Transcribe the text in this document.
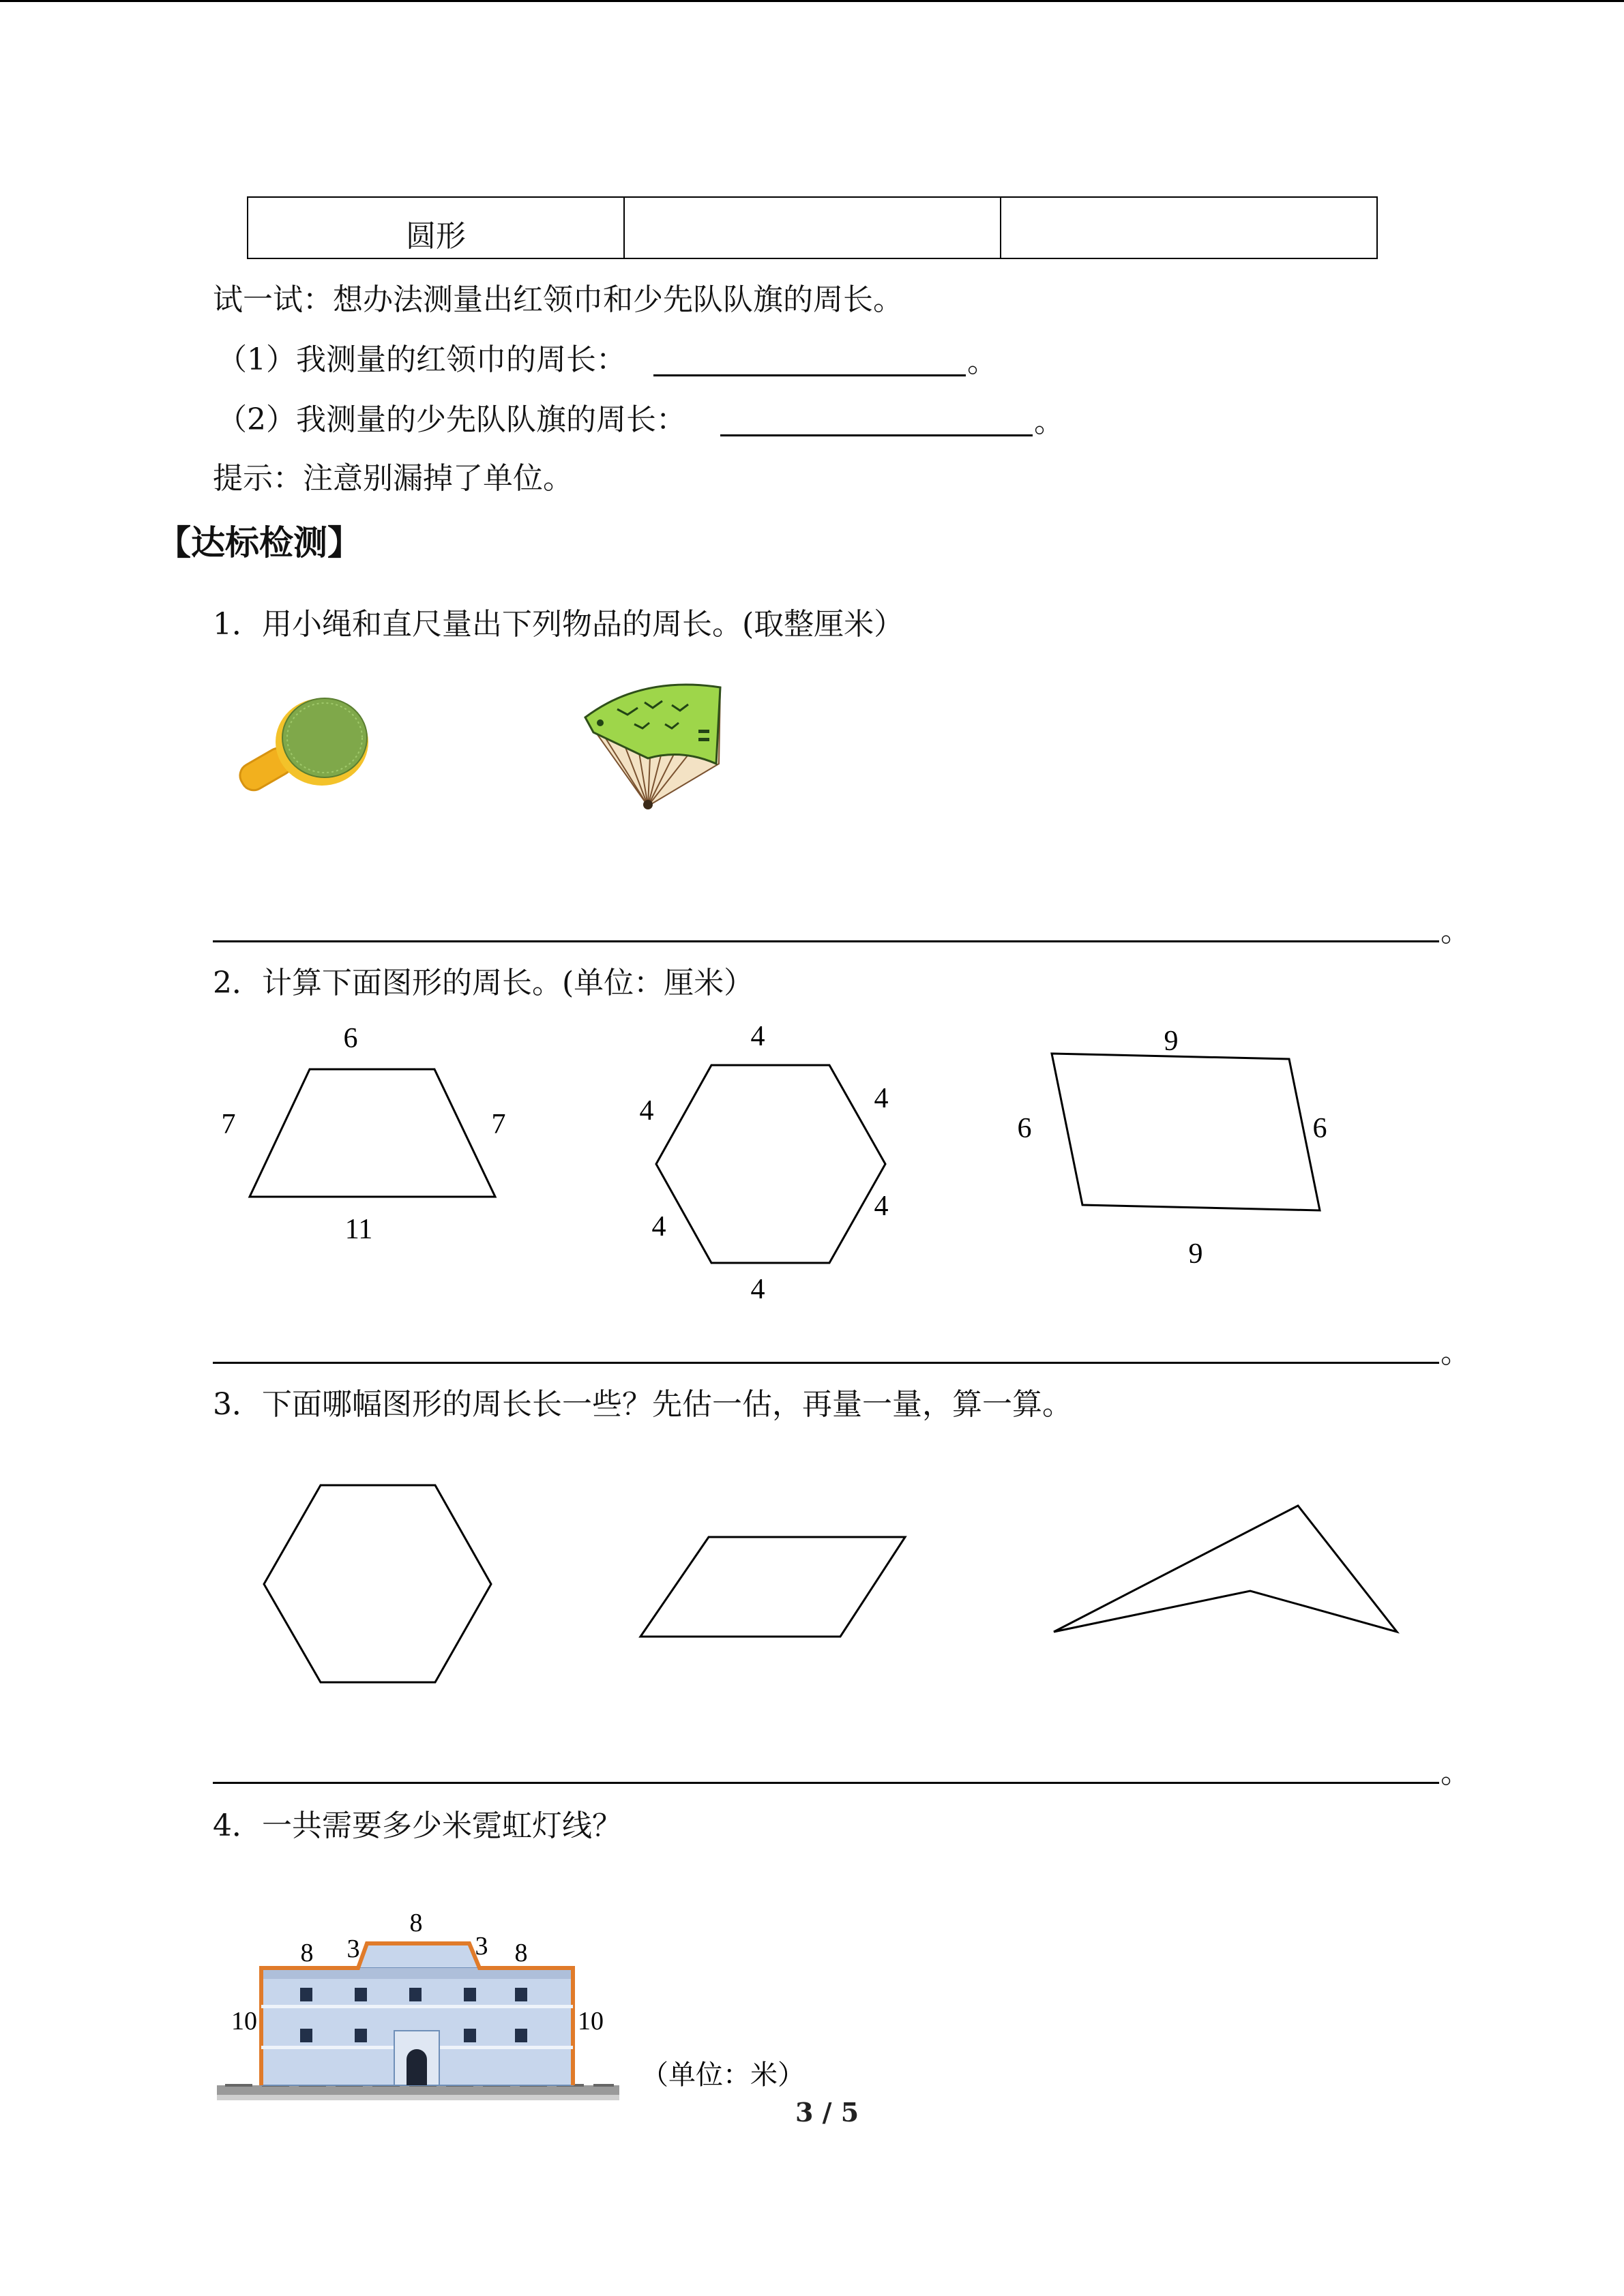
圆形		
试一试：想办法测量出红领巾和少先队队旗的周长。
（1）我测量的红领巾的周长：	。
（2）我测量的少先队队旗的周长：	。
提示：注意别漏掉了单位。
【达标检测】
1．用小绳和直尺量出下列物品的周长。(取整厘米）
6
7	7
11
4
4	4
4
4
4
9
6	6
9
8
3	3
8	8
10	10
（单位：米）
。
2．计算下面图形的周长。(单位：厘米）
。
3．下面哪幅图形的周长长一些？先估一估，再量一量，算一算。
。
4．一共需要多少米霓虹灯线？
3 / 5
